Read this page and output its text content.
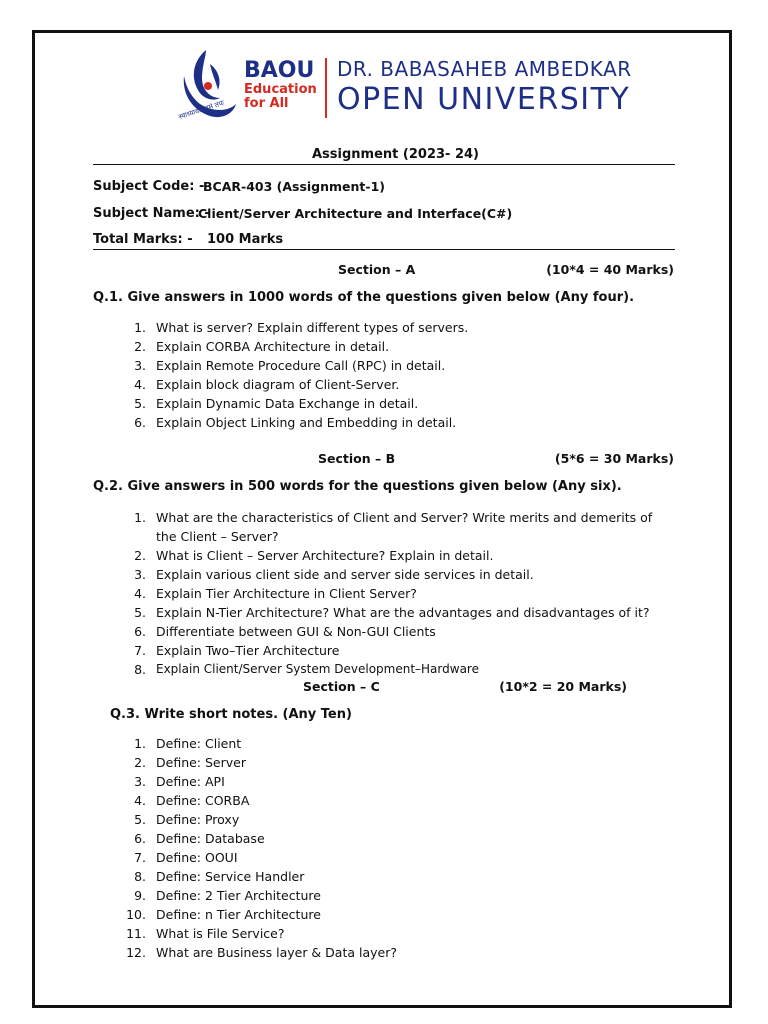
स्वाध्यायः परमं तपः
BAOU
Education
for All
DR. BABASAHEB AMBEDKAR
OPEN UNIVERSITY
Assignment (2023- 24)
Subject Code: -
BCAR-403 (Assignment-1)
Subject Name: -
Client/Server Architecture and Interface(C#)
Total Marks: - 100 Marks
Section – A	(10*4 = 40 Marks)
Q.1. Give answers in 1000 words of the questions given below (Any four).
1. What is server? Explain different types of servers.
2. Explain CORBA Architecture in detail.
3. Explain Remote Procedure Call (RPC) in detail.
4. Explain block diagram of Client-Server.
5. Explain Dynamic Data Exchange in detail.
6. Explain Object Linking and Embedding in detail.
Section – B	(5*6 = 30 Marks)
Q.2. Give answers in 500 words for the questions given below (Any six).
1. What are the characteristics of Client and Server? Write merits and demerits of
the Client – Server?
2. What is Client – Server Architecture? Explain in detail.
3. Explain various client side and server side services in detail.
4. Explain Tier Architecture in Client Server?
5. Explain N-Tier Architecture? What are the advantages and disadvantages of it?
6. Differentiate between GUI & Non-GUI Clients
7. Explain Two–Tier Architecture
8. Explain Client/Server System Development–Hardware
Section – C	(10*2 = 20 Marks)
Q.3. Write short notes. (Any Ten)
1. Define: Client
2. Define: Server
3. Define: API
4. Define: CORBA
5. Define: Proxy
6. Define: Database
7. Define: OOUI
8. Define: Service Handler
9. Define: 2 Tier Architecture
10. Define: n Tier Architecture
11. What is File Service?
12. What are Business layer & Data layer?
